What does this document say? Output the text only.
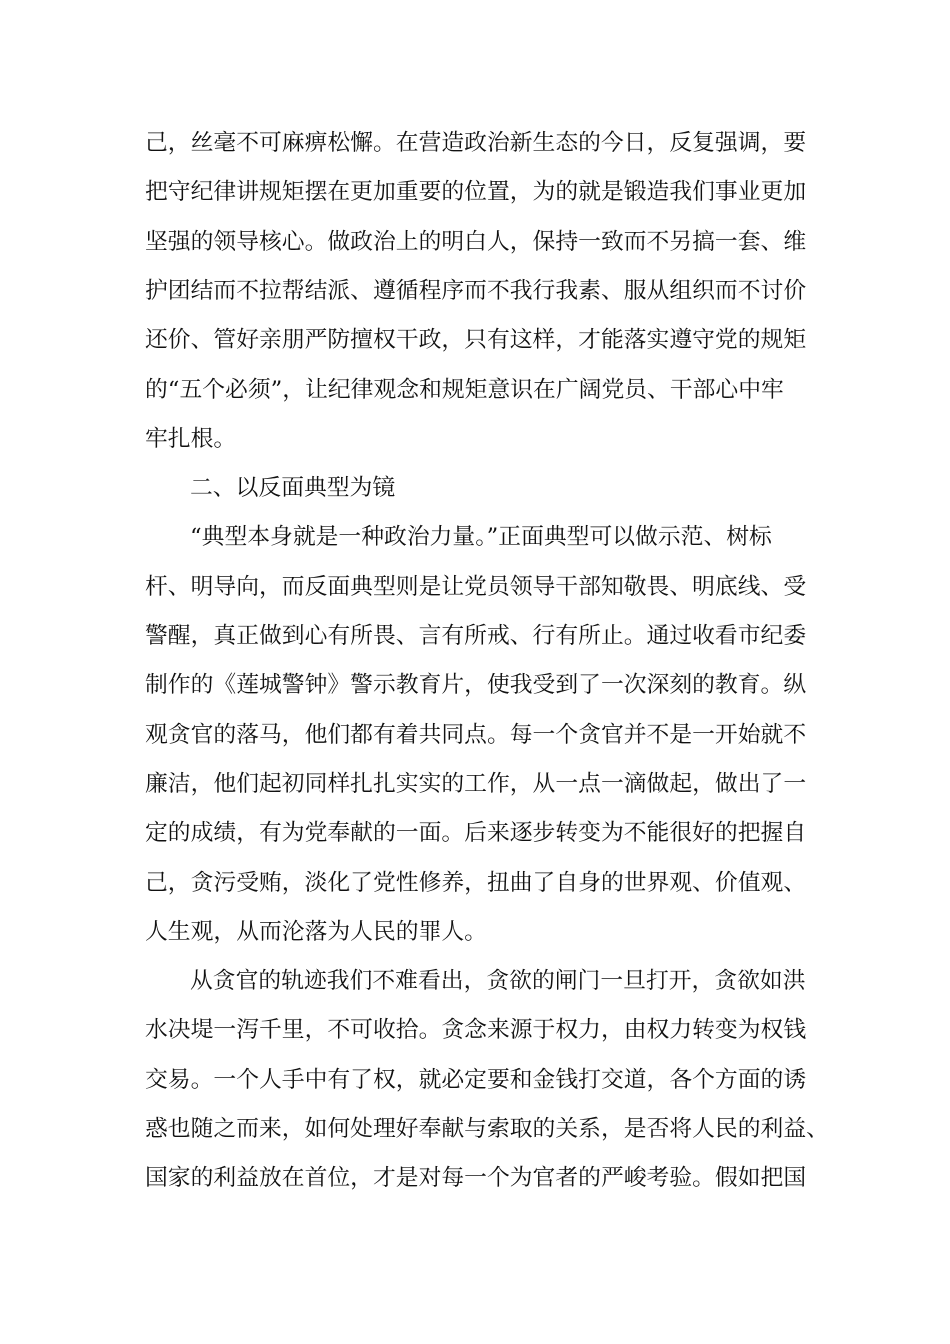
己，丝毫不可麻痹松懈。在营造政治新生态的今日，反复强调，要
把守纪律讲规矩摆在更加重要的位置，为的就是锻造我们事业更加
坚强的领导核心。做政治上的明白人，保持一致而不另搞一套、维
护团结而不拉帮结派、遵循程序而不我行我素、服从组织而不讨价
还价、管好亲朋严防擅权干政，只有这样，才能落实遵守党的规矩
的“五个必须”，让纪律观念和规矩意识在广阔党员、干部心中牢
牢扎根。
二、以反面典型为镜
“典型本身就是一种政治力量。”正面典型可以做示范、树标
杆、明导向，而反面典型则是让党员领导干部知敬畏、明底线、受
警醒，真正做到心有所畏、言有所戒、行有所止。通过收看市纪委
制作的《莲城警钟》警示教育片，使我受到了一次深刻的教育。纵
观贪官的落马，他们都有着共同点。每一个贪官并不是一开始就不
廉洁，他们起初同样扎扎实实的工作，从一点一滴做起，做出了一
定的成绩，有为党奉献的一面。后来逐步转变为不能很好的把握自
己，贪污受贿，淡化了党性修养，扭曲了自身的世界观、价值观、
人生观，从而沦落为人民的罪人。
从贪官的轨迹我们不难看出，贪欲的闸门一旦打开，贪欲如洪
水决堤一泻千里，不可收拾。贪念来源于权力，由权力转变为权钱
交易。一个人手中有了权，就必定要和金钱打交道，各个方面的诱
惑也随之而来，如何处理好奉献与索取的关系，是否将人民的利益、
国家的利益放在首位，才是对每一个为官者的严峻考验。假如把国
